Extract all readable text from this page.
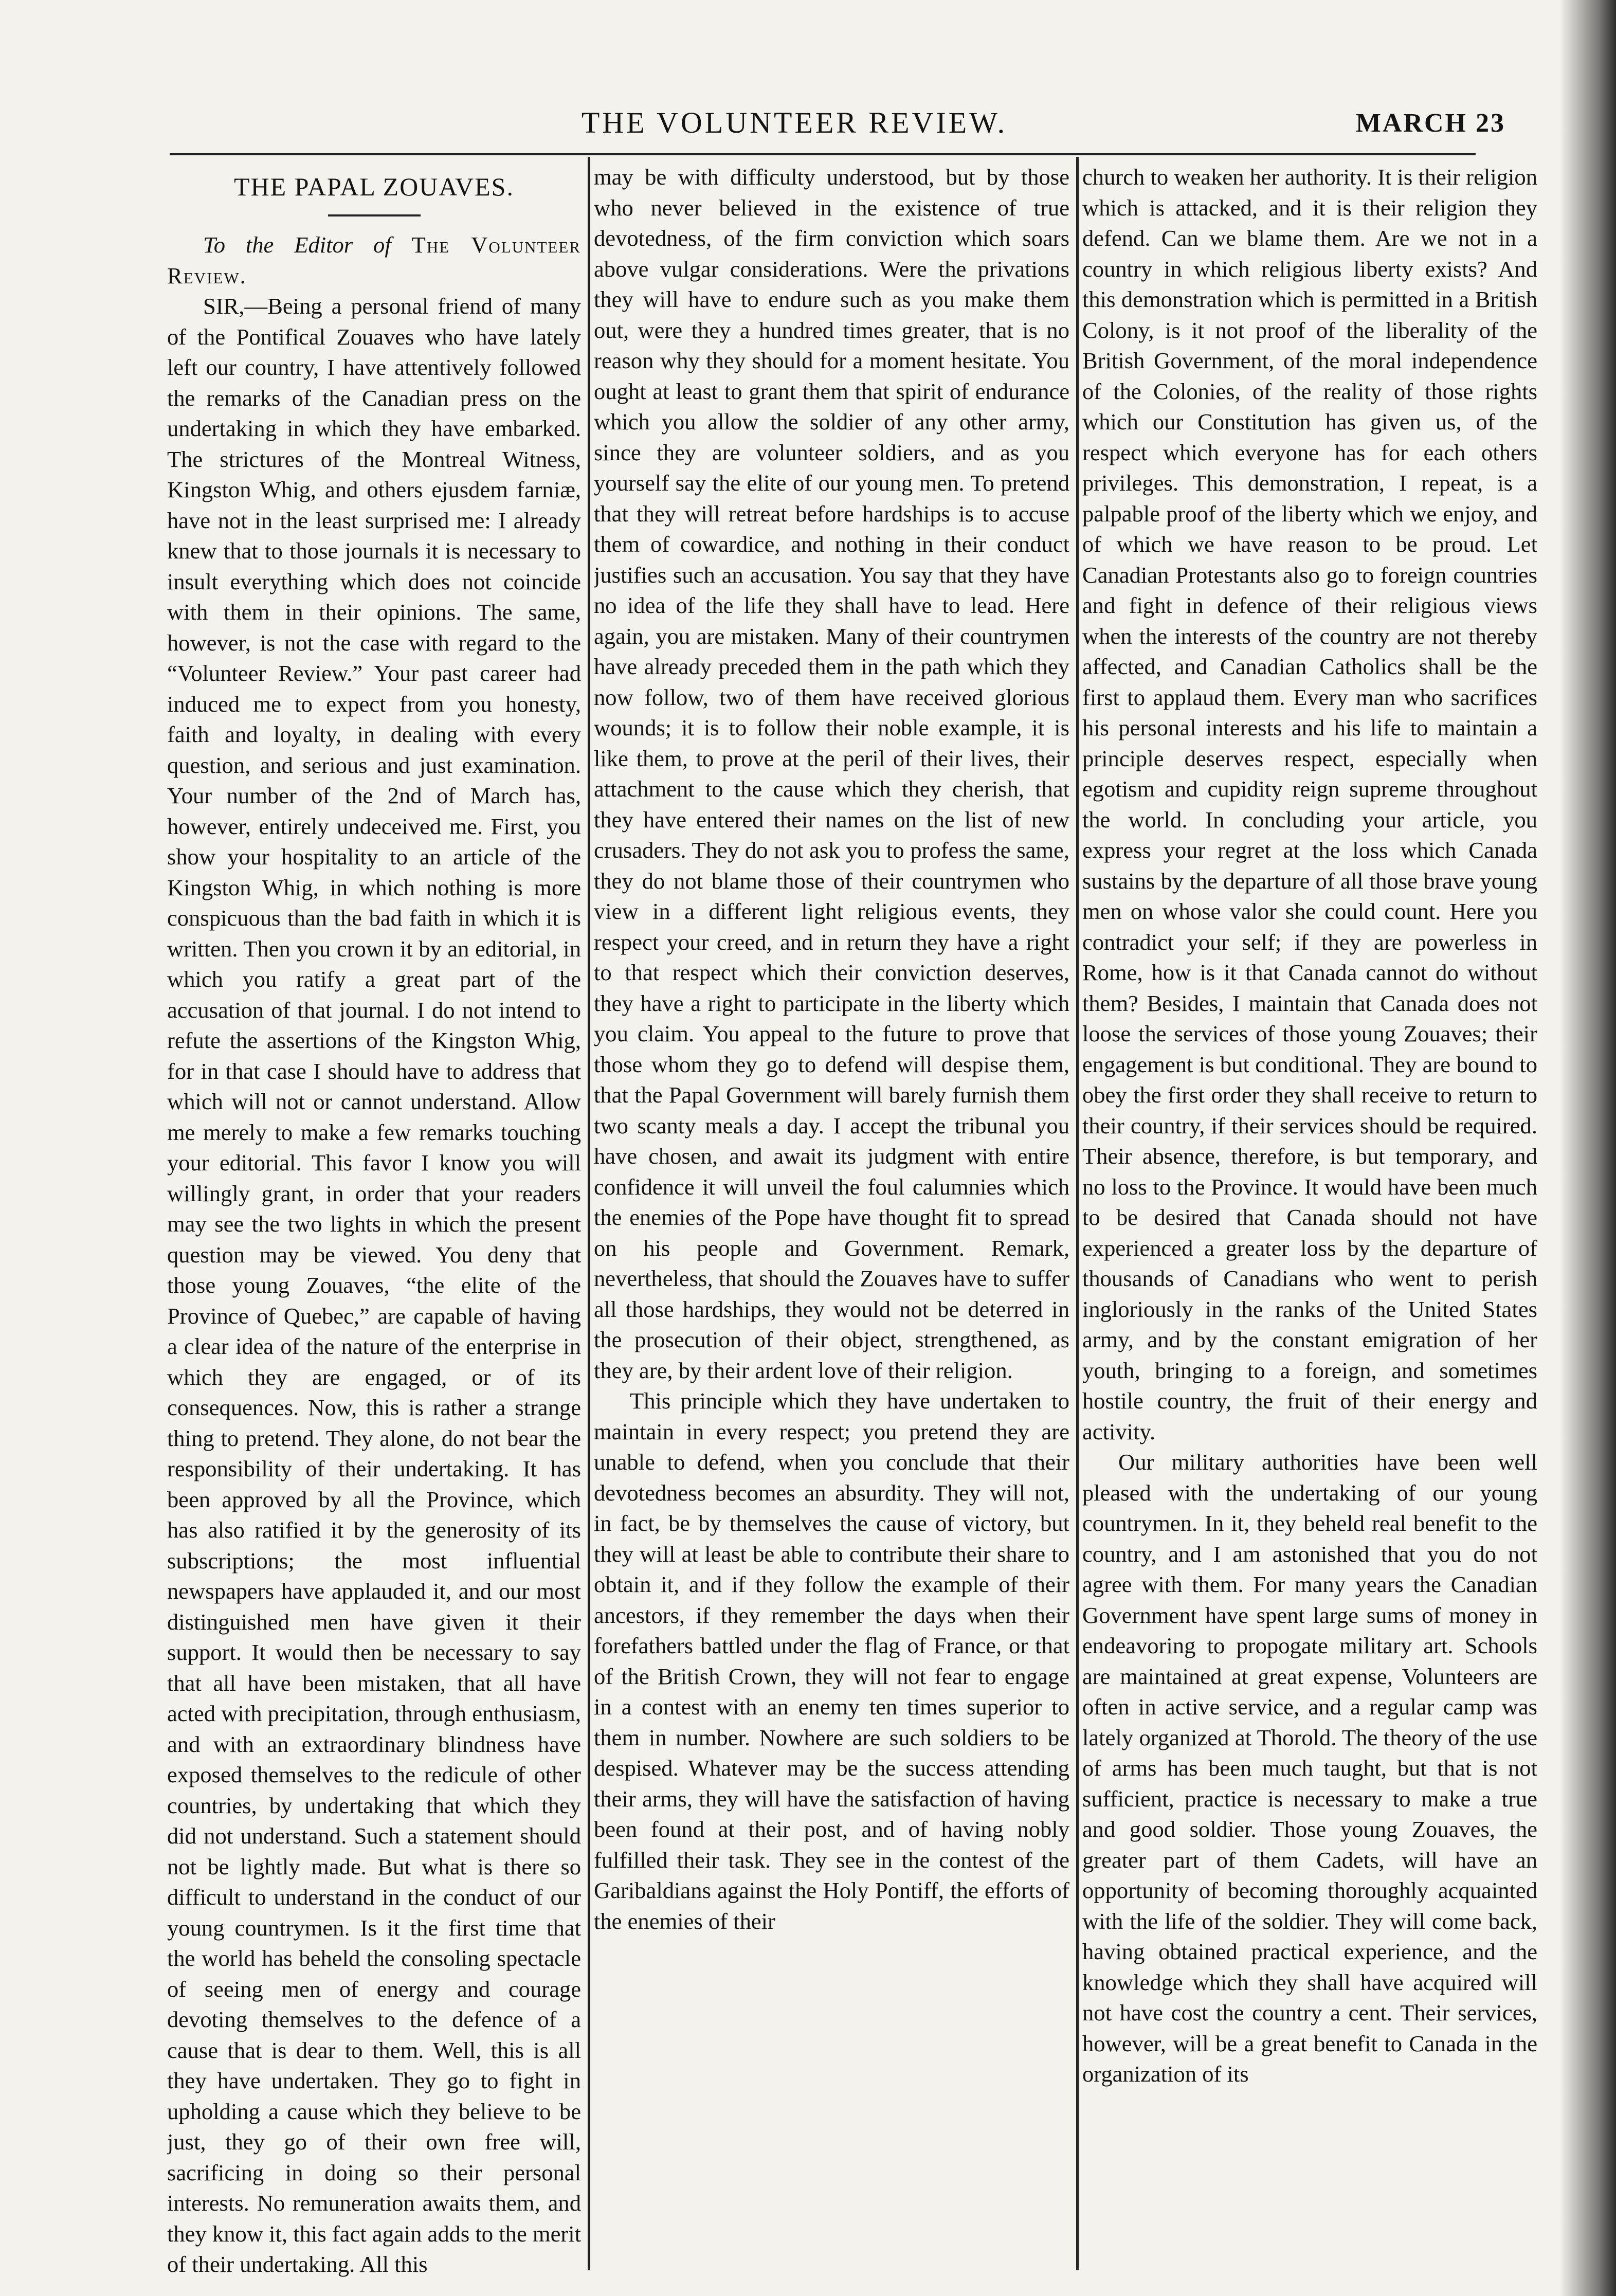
THE VOLUNTEER REVIEW.	MARCH 23
THE PAPAL ZOUAVES.

To the Editor of The Volunteer Review.

SIR,—Being a personal friend of many of the Pontifical Zouaves who have lately left our country, I have attentively followed the remarks of the Canadian press on the undertaking in which they have embarked. The strictures of the Montreal Witness, Kingston Whig, and others ejusdem farniæ, have not in the least surprised me: I already knew that to those journals it is necessary to insult everything which does not coincide with them in their opinions. The same, however, is not the case with regard to the “Volunteer Review.” Your past career had induced me to expect from you honesty, faith and loyalty, in dealing with every question, and serious and just examination. Your number of the 2nd of March has, however, entirely undeceived me. First, you show your hospitality to an article of the Kingston Whig, in which nothing is more conspicuous than the bad faith in which it is written. Then you crown it by an editorial, in which you ratify a great part of the accusation of that journal. I do not intend to refute the assertions of the Kingston Whig, for in that case I should have to address that which will not or cannot understand. Allow me merely to make a few remarks touching your editorial. This favor I know you will willingly grant, in order that your readers may see the two lights in which the present question may be viewed. You deny that those young Zouaves, “the elite of the Province of Quebec,” are capable of having a clear idea of the nature of the enterprise in which they are engaged, or of its consequences. Now, this is rather a strange thing to pretend. They alone, do not bear the responsibility of their undertaking. It has been approved by all the Province, which has also ratified it by the generosity of its subscriptions; the most influential newspapers have applauded it, and our most distinguished men have given it their support. It would then be necessary to say that all have been mistaken, that all have acted with precipitation, through enthusiasm, and with an extraordinary blindness have exposed themselves to the redicule of other countries, by undertaking that which they did not understand. Such a statement should not be lightly made. But what is there so difficult to understand in the conduct of our young countrymen. Is it the first time that the world has beheld the consoling spectacle of seeing men of energy and courage devoting themselves to the defence of a cause that is dear to them. Well, this is all they have undertaken. They go to fight in upholding a cause which they believe to be just, they go of their own free will, sacrificing in doing so their personal interests. No remuneration awaits them, and they know it, this fact again adds to the merit of their undertaking. All this

may be with difficulty understood, but by those who never believed in the existence of true devotedness, of the firm conviction which soars above vulgar considerations. Were the privations they will have to endure such as you make them out, were they a hundred times greater, that is no reason why they should for a moment hesitate. You ought at least to grant them that spirit of endurance which you allow the soldier of any other army, since they are volunteer soldiers, and as you yourself say the elite of our young men. To pretend that they will retreat before hardships is to accuse them of cowardice, and nothing in their conduct justifies such an accusation. You say that they have no idea of the life they shall have to lead. Here again, you are mistaken. Many of their countrymen have already preceded them in the path which they now follow, two of them have received glorious wounds; it is to follow their noble example, it is like them, to prove at the peril of their lives, their attachment to the cause which they cherish, that they have entered their names on the list of new crusaders. They do not ask you to profess the same, they do not blame those of their countrymen who view in a different light religious events, they respect your creed, and in return they have a right to that respect which their conviction deserves, they have a right to participate in the liberty which you claim. You appeal to the future to prove that those whom they go to defend will despise them, that the Papal Government will barely furnish them two scanty meals a day. I accept the tribunal you have chosen, and await its judgment with entire confidence it will unveil the foul calumnies which the enemies of the Pope have thought fit to spread on his people and Government. Remark, nevertheless, that should the Zouaves have to suffer all those hardships, they would not be deterred in the prosecution of their object, strengthened, as they are, by their ardent love of their religion.

This principle which they have undertaken to maintain in every respect; you pretend they are unable to defend, when you conclude that their devotedness becomes an absurdity. They will not, in fact, be by themselves the cause of victory, but they will at least be able to contribute their share to obtain it, and if they follow the example of their ancestors, if they remember the days when their forefathers battled under the flag of France, or that of the British Crown, they will not fear to engage in a contest with an enemy ten times superior to them in number. Nowhere are such soldiers to be despised. Whatever may be the success attending their arms, they will have the satisfaction of having been found at their post, and of having nobly fulfilled their task. They see in the contest of the Garibaldians against the Holy Pontiff, the efforts of the enemies of their

church to weaken her authority. It is their religion which is attacked, and it is their religion they defend. Can we blame them. Are we not in a country in which religious liberty exists? And this demonstration which is permitted in a British Colony, is it not proof of the liberality of the British Government, of the moral independence of the Colonies, of the reality of those rights which our Constitution has given us, of the respect which everyone has for each others privileges. This demonstration, I repeat, is a palpable proof of the liberty which we enjoy, and of which we have reason to be proud. Let Canadian Protestants also go to foreign countries and fight in defence of their religious views when the interests of the country are not thereby affected, and Canadian Catholics shall be the first to applaud them. Every man who sacrifices his personal interests and his life to maintain a principle deserves respect, especially when egotism and cupidity reign supreme throughout the world. In concluding your article, you express your regret at the loss which Canada sustains by the departure of all those brave young men on whose valor she could count. Here you contradict your self; if they are powerless in Rome, how is it that Canada cannot do without them? Besides, I maintain that Canada does not loose the services of those young Zouaves; their engagement is but conditional. They are bound to obey the first order they shall receive to return to their country, if their services should be required. Their absence, therefore, is but temporary, and no loss to the Province. It would have been much to be desired that Canada should not have experienced a greater loss by the departure of thousands of Canadians who went to perish ingloriously in the ranks of the United States army, and by the constant emigration of her youth, bringing to a foreign, and sometimes hostile country, the fruit of their energy and activity.

Our military authorities have been well pleased with the undertaking of our young countrymen. In it, they beheld real benefit to the country, and I am astonished that you do not agree with them. For many years the Canadian Government have spent large sums of money in endeavoring to propogate military art. Schools are maintained at great expense, Volunteers are often in active service, and a regular camp was lately organized at Thorold. The theory of the use of arms has been much taught, but that is not sufficient, practice is necessary to make a true and good soldier. Those young Zouaves, the greater part of them Cadets, will have an opportunity of becoming thoroughly acquainted with the life of the soldier. They will come back, having obtained practical experience, and the knowledge which they shall have acquired will not have cost the country a cent. Their services, however, will be a great benefit to Canada in the organization of its
